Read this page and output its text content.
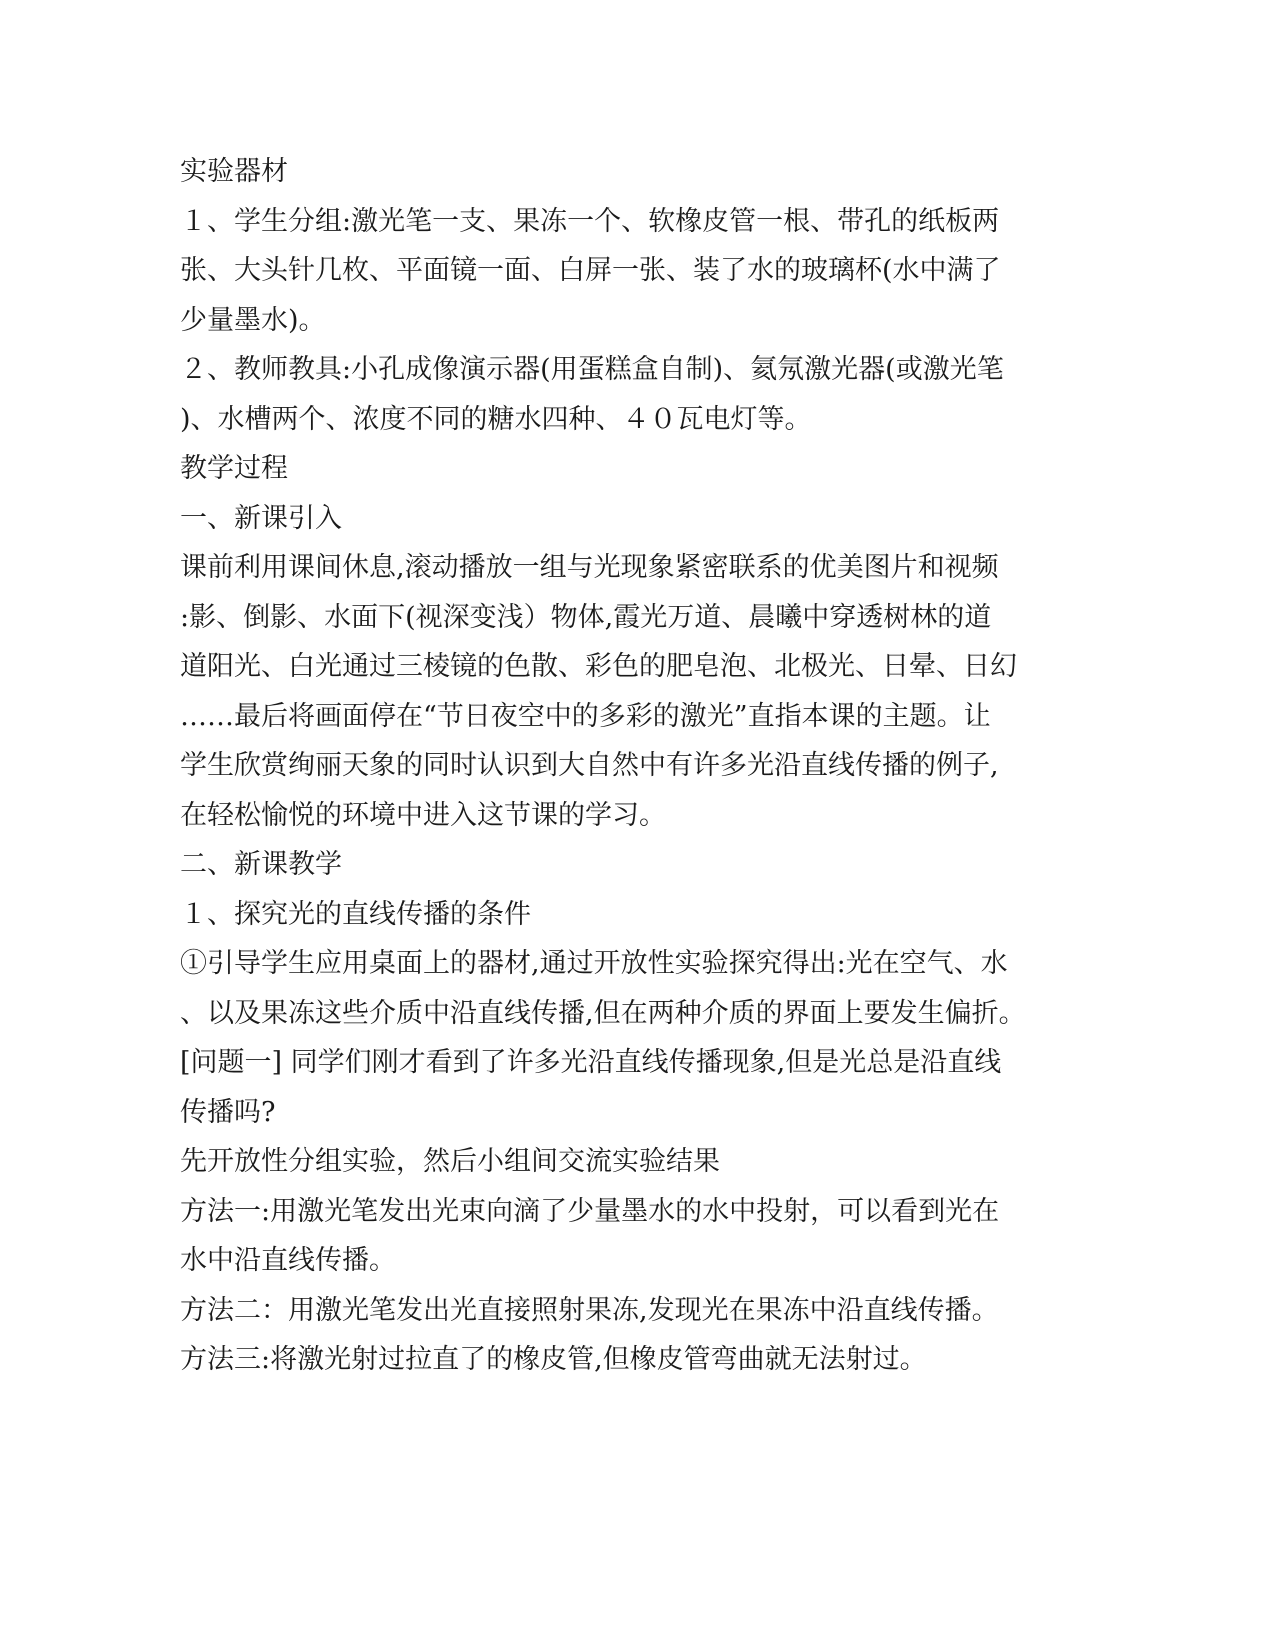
实验器材
１、学生分组:激光笔一支、果冻一个、软橡皮管一根、带孔的纸板两
张、大头针几枚、平面镜一面、白屏一张、装了水的玻璃杯(水中满了
少量墨水)。
２、教师教具:小孔成像演示器(用蛋糕盒自制)、氦氖激光器(或激光笔
)、水槽两个、浓度不同的糖水四种、４０瓦电灯等。
教学过程
一、新课引入
课前利用课间休息,滚动播放一组与光现象紧密联系的优美图片和视频
:影、倒影、水面下(视深变浅）物体,霞光万道、晨曦中穿透树林的道
道阳光、白光通过三棱镜的色散、彩色的肥皂泡、北极光、日晕、日幻
……最后将画面停在“节日夜空中的多彩的激光”直指本课的主题。让
学生欣赏绚丽天象的同时认识到大自然中有许多光沿直线传播的例子,
在轻松愉悦的环境中进入这节课的学习。
二、新课教学
１、探究光的直线传播的条件
①引导学生应用桌面上的器材,通过开放性实验探究得出:光在空气、水
、以及果冻这些介质中沿直线传播,但在两种介质的界面上要发生偏折。
[问题一] 同学们刚才看到了许多光沿直线传播现象,但是光总是沿直线
传播吗?
先开放性分组实验，然后小组间交流实验结果
方法一:用激光笔发出光束向滴了少量墨水的水中投射，可以看到光在
水中沿直线传播。
方法二：用激光笔发出光直接照射果冻,发现光在果冻中沿直线传播。
方法三:将激光射过拉直了的橡皮管,但橡皮管弯曲就无法射过。
